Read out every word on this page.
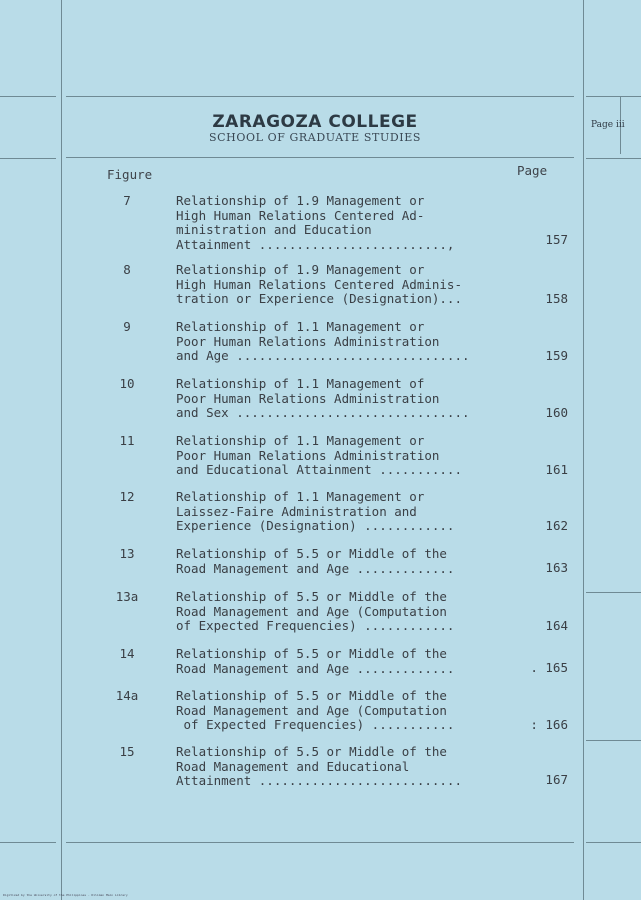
ZARAGOZA COLLEGE
SCHOOL OF GRADUATE STUDIES
Page iii
Figure	Page
7	Relationship of 1.9 Management or
High Human Relations Centered Ad-
ministration and Education
Attainment .........................,	157
8	Relationship of 1.9 Management or
High Human Relations Centered Adminis-
tration or Experience (Designation)...	158
9	Relationship of 1.1 Management or
Poor Human Relations Administration
and Age ...............................	159
10	Relationship of 1.1 Management of
Poor Human Relations Administration
and Sex ...............................	160
11	Relationship of 1.1 Management or
Poor Human Relations Administration
and Educational Attainment ...........	161
12	Relationship of 1.1 Management or
Laissez-Faire Administration and
Experience (Designation) ............	162
13	Relationship of 5.5 or Middle of the
Road Management and Age .............	163
13a	Relationship of 5.5 or Middle of the
Road Management and Age (Computation
of Expected Frequencies) ............	164
14	Relationship of 5.5 or Middle of the
Road Management and Age .............	. 165
14a	Relationship of 5.5 or Middle of the
Road Management and Age (Computation
of Expected Frequencies) ...........	: 166
15	Relationship of 5.5 or Middle of the
Road Management and Educational
Attainment ...........................	167
Digitized by the University of the Philippines - Diliman Main Library
